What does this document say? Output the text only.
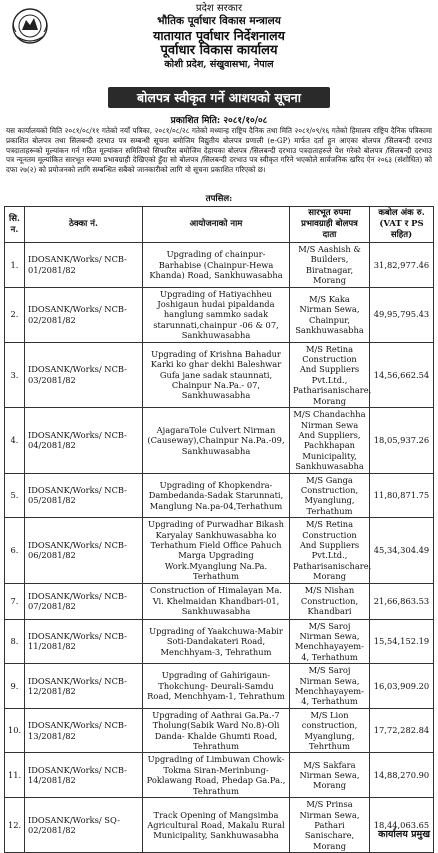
प्रदेश सरकार
भौतिक पूर्वाधार विकास मन्त्रालय
यातायात पूर्वाधार निर्देशनालय
पूर्वाधार विकास कार्यालय
कोशी प्रदेश, संखुवासभा, नेपाल
बोलपत्र स्वीकृत गर्ने आशयको सूचना
प्रकाशित मिति: २०८१/१०/०८
यस कार्यालयको मिति २०८१/०८/११ गतेको नयाँ पत्रिका, २०८१/०८/२८ गतेको मध्यान्ह राष्ट्रिय दैनिक तथा मिति २०८१/०९/१६ गतेको हिमालय राष्ट्रिय दैनिक पत्रिकामा प्रकाशित बोलपत्र तथा सिलबन्दी दरभाउ पत्र सम्बन्धी सूचना बमोजिम विद्युतीय बोलपत्र प्रणाली (e-GP) मार्फत दर्ता हुन आएका बोलपत्र /सिलबन्दी दरभाउ पत्रदाताहरूको मूल्यांकन गर्न गठित मूल्यांकन समितिको सिफारिस बमोजिम देहायका बोलपत्र /सिलबन्दी दरभाउ पत्रदाताहरुले पेश गरेको बोलपत्र /सिलबन्दी दरभाउ पत्र न्यूनतम मूल्यांकित सारभूत रुपमा प्रभावग्राही देखिएको हुँदा सो बोलपत्र /सिलबन्दी दरभाउ पत्र स्वीकृत गरिने भएकोले सार्वजनिक खरिद ऐन २०६३ (संशोधित) को दफा २७(२) को प्रयोजनको लागि सम्बन्धित सबैको जानकारीको लागि यो सूचना प्रकाशित गरिएको छ।
तपसिल:
सि. न.	ठेक्का नं.	आयोजनाको नाम	सारभूत रुपमा प्रभावग्राही बोलपत्र दाता	कबोल अंक रु. (VAT र PS सहित)
1.	IDOSANK/Works/ NCB-01/2081/82	Upgrading of chainpur- Barhabise (Chainpur-Hewa Khanda) Road, Sankhuwasabha	M/S Aashish & Builders, Biratnagar, Morang	31,82,977.46
2.	IDOSANK/Works/ NCB-02/2081/82	Upgrading of Hatiyachheu Joshigaun hudai pipaldanda hanglung sammko sadak starunnati,chainpur -06 & 07, Sankhuwasabha	M/S Kaka Nirman Sewa, Chainpur, Sankhuwasabha	49,95,795.43
3.	IDOSANK/Works/ NCB-03/2081/82	Upgrading of Krishna Bahadur Karki ko ghar dekhi Baleshwar Gufa jane sadak staunnati, Chainpur Na.Pa.- 07, Sankhuwasabha	M/S Retina Construction And Suppliers Pvt.Ltd., Patharisanischare, Morang	14,56,662.54
4.	IDOSANK/Works/ NCB-04/2081/82	AjagaraTole Culvert Nirman (Causeway),Chainpur Na.Pa.-09, Sankhuwasabha	M/S Chandachha Nirman Sewa And Suppliers, Pachkhapan Municipality, Sankhuwasabha	18,05,937.26
5.	IDOSANK/Works/ NCB-05/2081/82	Upgrading of Khopkendra- Dambedanda-Sadak Starunnati, Manglung Na.pa-04,Terhathum	M/S Ganga Construction, Myanglung, Terhathum	11,80,871.75
6.	IDOSANK/Works/ NCB-06/2081/82	Upgrading of Purwadhar Bikash Karyalay Sankhuwasabha ko Terhathum Field Office Pahuch Marga Upgrading Work.Myanglung Na.Pa. Terhathum	M/S Retina Construction And Suppliers Pvt.Ltd., Patharisanischare, Morang	45,34,304.49
7.	IDOSANK/Works/ NCB-07/2081/82	Construction of Himalayan Ma. Vi. Khelmaidan Khandbari-01, Sankhuwasabha	M/S Nishan Construction, Khandbari	21,66,863.53
8.	IDOSANK/Works/ NCB-11/2081/82	Upgrading of Yaakchuwa-Mabir Soti-Dandakateri Road, Menchhyam-3, Tehrathum	M/S Saroj Nirman Sewa, Menchhayayem-4, Terhathum	15,54,152.19
9.	IDOSANK/Works/ NCB-12/2081/82	Upgrading of Gahirigaun-Thokchung- Deurali-Samdu Road, Menchhyam-1, Tehrathum	M/S Saroj Nirman Sewa, Menchhayayem-4, Terhathum	16,03,909.20
10.	IDOSANK/Works/ NCB-13/2081/82	Upgrading of Aathrai Ga.Pa.-7 Tholung(Sabik Ward No.8)-Oli Danda- Khalde Ghumti Road, Tehrathum	M/S Lion construction, Myanglung, Tehrthum	17,72,282.84
11.	IDOSANK/Works/ NCB-14/2081/82	Upgrading of Limbuwan Chowk- Tokma Siran-Merinbung-Poklawang Road, Phedap Ga.Pa., Tehrathum	M/S Sakfara Nirman Sewa, Morang	14,88,270.90
12.	IDOSANK/Works/ SQ-02/2081/82	Track Opening of Mangsimba Agricultural Road, Makalu Rural Municipality, Sankhuwasabha	M/S Prinsa Nirman Sewa, Pathari Sanischare, Morang	18,44,063.65
कार्यालय प्रमुख
